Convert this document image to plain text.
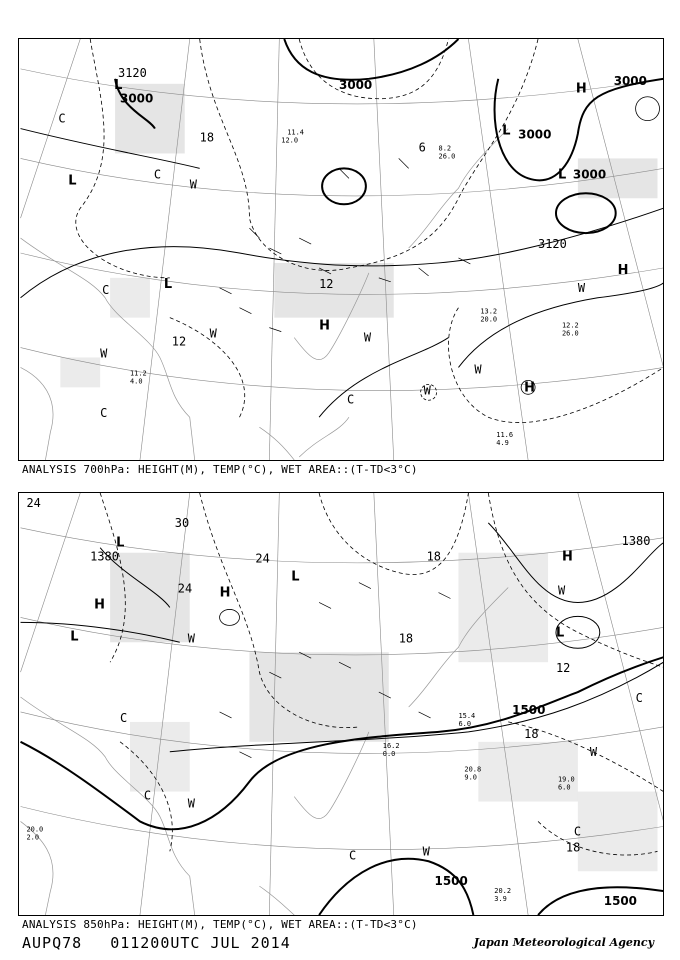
3000
3000
3000
3000
3000
3120
3120
18
12
6
12
L
L
L
L
L
H
H
H
H
C
C
C
C
C
W
W
W
W
W
W
W
11.4
12.0
8.2
26.0
13.2
20.0
12.2
26.0
11.2
4.0
11.6
4.9
ANALYSIS 700hPa: HEIGHT(M), TEMP(°C), WET AREA::(T-TD<3°C)
1380
1380
1500
1500
1500
24
30
24
24
18
18
12
18
18
L
L
L
L
H
H
H
C
C
C
C
C
W
W
W
W
W
20.8
9.0
20.2
3.9
19.0
6.0
15.4
6.0
16.2
0.0
20.0
2.0
ANALYSIS 850hPa: HEIGHT(M), TEMP(°C), WET AREA::(T-TD<3°C)
AUPQ78 011200UTC JUL 2014	Japan Meteorological Agency
